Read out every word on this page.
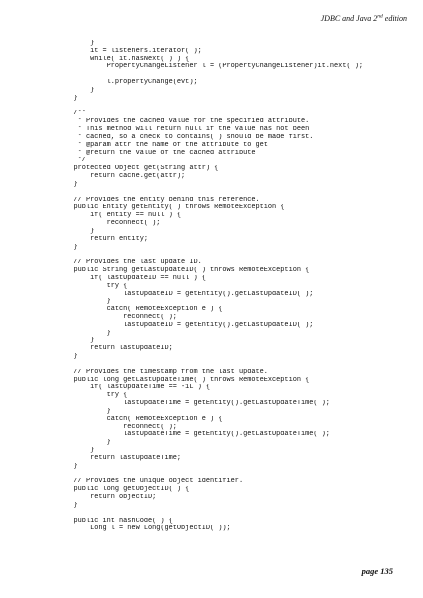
JDBC and Java 2nd edition

}
it = listeners.iterator( );
while( it.hasNext( ) ) {
PropertyChangeListener l = (PropertyChangeListener)it.next( );
l.propertyChange(evt);
}
}
/**
* Provides the cached value for the specified attribute.
* This method will return null if the value has not been
* cached, so a check to contains( ) should be made first.
* @param attr the name of the attribute to get
* @return the value of the cached attribute
*/
protected Object get(String attr) {
return cache.get(attr);
}
// Provides the entity behind this reference.
public Entity getEntity( ) throws RemoteException {
if( entity == null ) {
reconnect( );
}
return entity;
}
// Provides the last update ID.
public String getLastUpdateID( ) throws RemoteException {
if( lastUpdateID == null ) {
try {
lastUpdateID = getEntity().getLastUpdateID( );
}
catch( RemoteException e ) {
reconnect( );
lastUpdateID = getEntity().getLastUpdateID( );
}
}
return lastUpdateID;
}
// Provides the timestamp from the last update.
public long getLastUpdateTime( ) throws RemoteException {
if( lastUpdateTime == -1L ) {
try {
lastUpdateTime = getEntity().getLastUpdateTime( );
}
catch( RemoteException e ) {
reconnect( );
lastUpdateTime = getEntity().getLastUpdateTime( );
}
}
return lastUpdateTime;
}
// Provides the unique object identifier.
public long getObjectID( ) {
return objectID;
}
public int hashCode( ) {
Long l = new Long(getObjectID( ));

page 135
